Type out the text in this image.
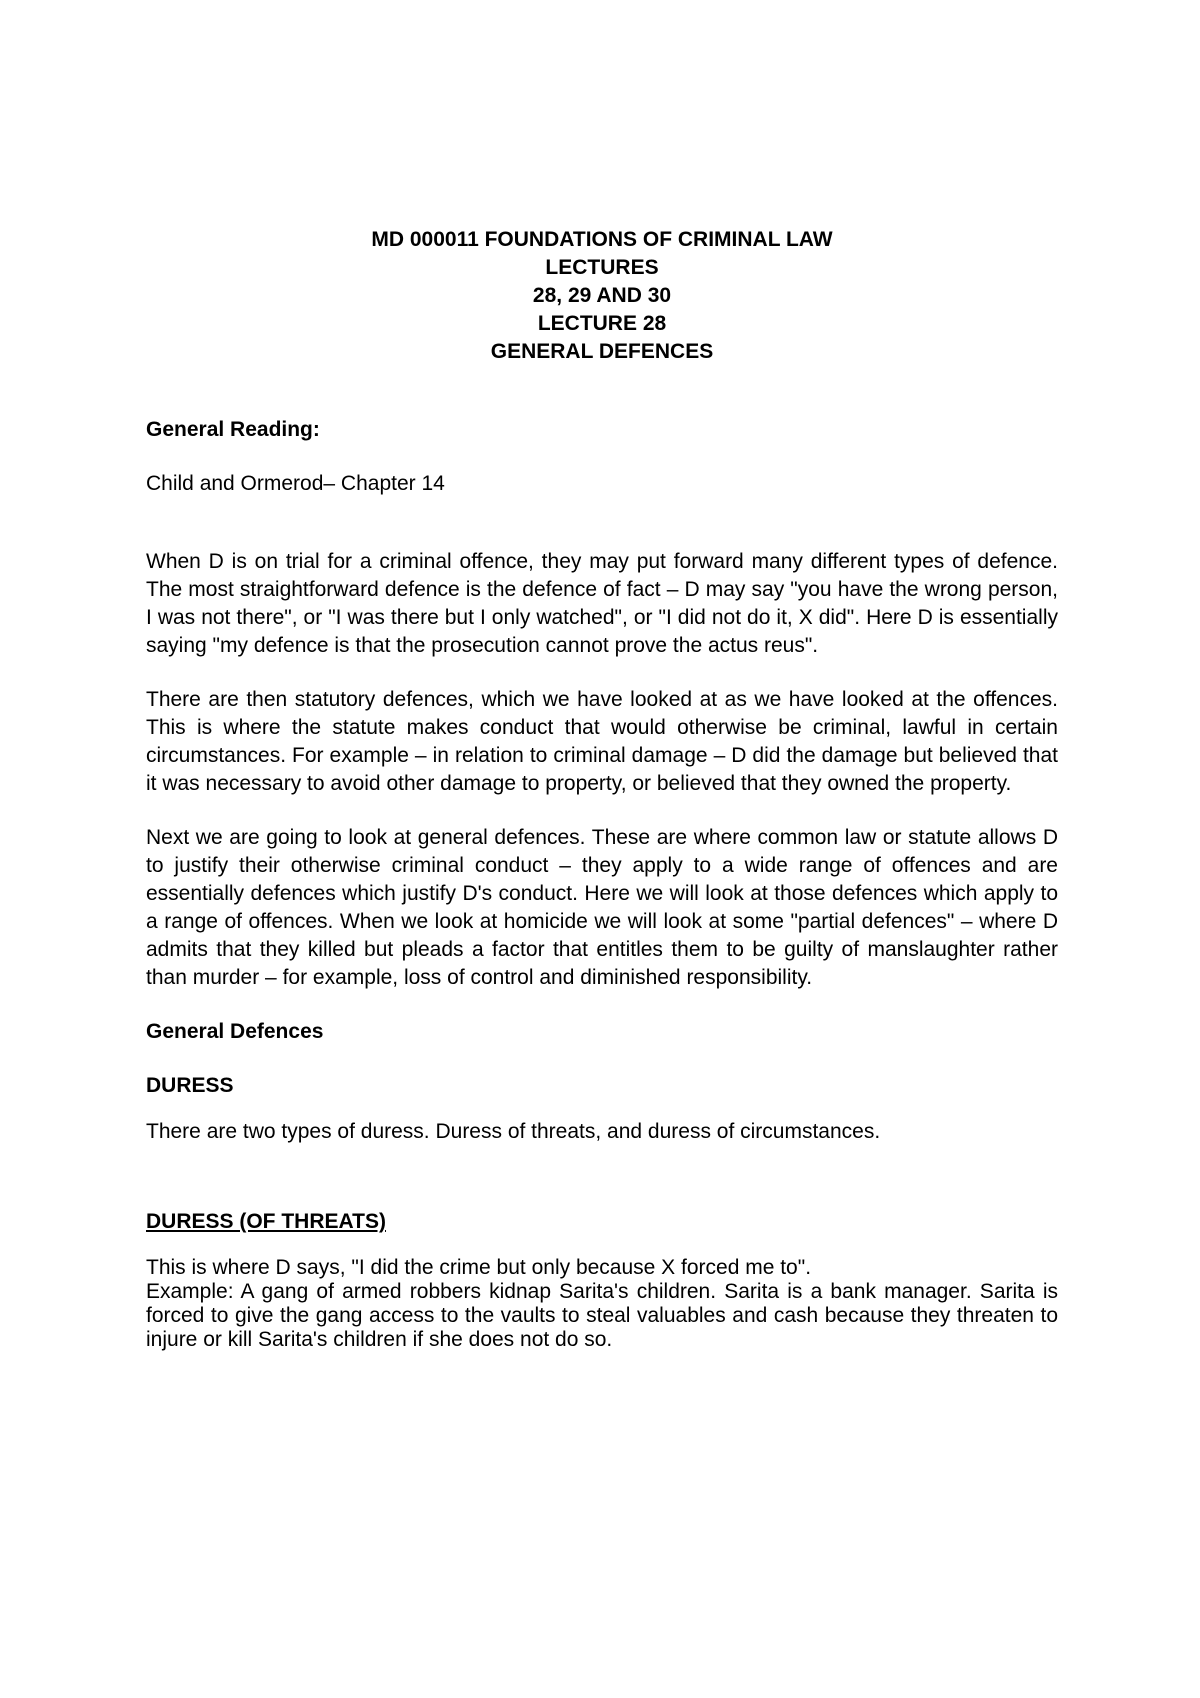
MD 000011 FOUNDATIONS OF CRIMINAL LAW
LECTURES
28, 29 AND 30
LECTURE 28
GENERAL DEFENCES
General Reading:

Child and Ormerod– Chapter 14

When D is on trial for a criminal offence, they may put forward many different types of defence. The most straightforward defence is the defence of fact – D may say "you have the wrong person, I was not there", or "I was there but I only watched", or "I did not do it, X did". Here D is essentially saying "my defence is that the prosecution cannot prove the actus reus".

There are then statutory defences, which we have looked at as we have looked at the offences. This is where the statute makes conduct that would otherwise be criminal, lawful in certain circumstances. For example – in relation to criminal damage – D did the damage but believed that it was necessary to avoid other damage to property, or believed that they owned the property.

Next we are going to look at general defences. These are where common law or statute allows D to justify their otherwise criminal conduct – they apply to a wide range of offences and are essentially defences which justify D's conduct. Here we will look at those defences which apply to a range of offences. When we look at homicide we will look at some "partial defences" – where D admits that they killed but pleads a factor that entitles them to be guilty of manslaughter rather than murder – for example, loss of control and diminished responsibility.

General Defences
DURESS

There are two types of duress. Duress of threats, and duress of circumstances.

DURESS (OF THREATS)

This is where D says, "I did the crime but only because X forced me to".

Example: A gang of armed robbers kidnap Sarita's children. Sarita is a bank manager. Sarita is forced to give the gang access to the vaults to steal valuables and cash because they threaten to injure or kill Sarita's children if she does not do so.
